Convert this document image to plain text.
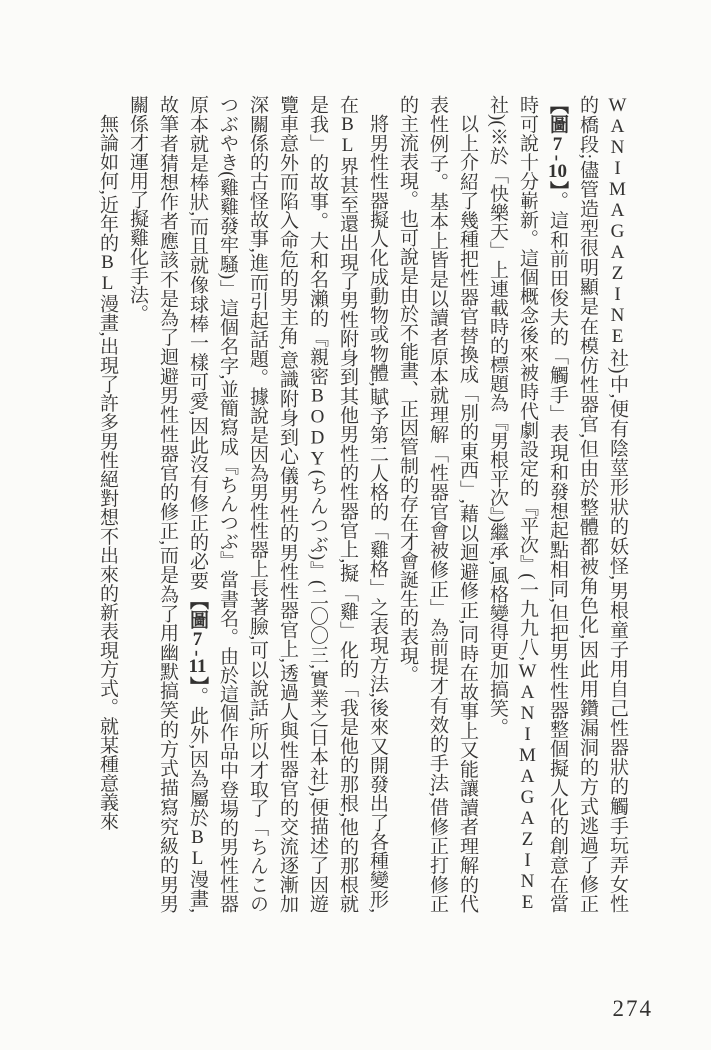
WANIMAGAZINE社)中,便有陰莖形狀的妖怪,男根童子用自己性器狀的觸手玩弄女性的橋段;儘管造型很明顯是在模仿性器官,但由於整體都被角色化,因此用鑽漏洞的方式逃過了修正【圖7-10】。這和前田俊夫的「觸手」表現和發想起點相同,但把男性性器整個擬人化的創意在當時可說十分嶄新。這個概念後來被時代劇設定的『平次』(一九九八,WANIMAGAZINE社)(※於「快樂天」上連載時的標題為『男根平次』)繼承,風格變得更加搞笑。

以上介紹了幾種把性器官替換成「別的東西」,藉以迴避修正,同時在故事上又能讓讀者理解的代表性例子。基本上皆是以讀者原本就理解「性器官會被修正」為前提才有效的手法,借修正打修正的主流表現。也可說是由於不能畫、正因管制的存在才會誕生的表現。

將男性性器擬人化成動物或物體,賦予第二人格的「雞格」之表現方法,後來又開發出了各種變形,在BL界甚至還出現了男性附身到其他男性的性器官上,擬「雞」化的「我是他的那根,他的那根就是我」的故事。大和名瀨的『親密BODY(ちんつぶ)』(二〇〇三,實業之日本社),便描述了因遊覽車意外而陷入命危的男主角,意識附身到心儀男性的男性性器官上,透過人與性器官的交流逐漸加深關係的古怪故事,進而引起話題。據說是因為男性性器上長著臉,可以說話,所以才取了「ちんこのつぶやき(雞雞發牢騷)」這個名字,並簡寫成『ちんつぶ』當書名。由於這個作品中登場的男性性器原本就是棒狀,而且就像球棒一樣可愛,因此沒有修正的必要【圖7-11】。此外,因為屬於BL漫畫,故筆者猜想作者應該不是為了迴避男性性器官的修正,而是為了用幽默搞笑的方式描寫究級的男男關係才運用了擬雞化手法。

無論如何,近年的BL漫畫,出現了許多男性絕對想不出來的新表現方式。就某種意義來

274
